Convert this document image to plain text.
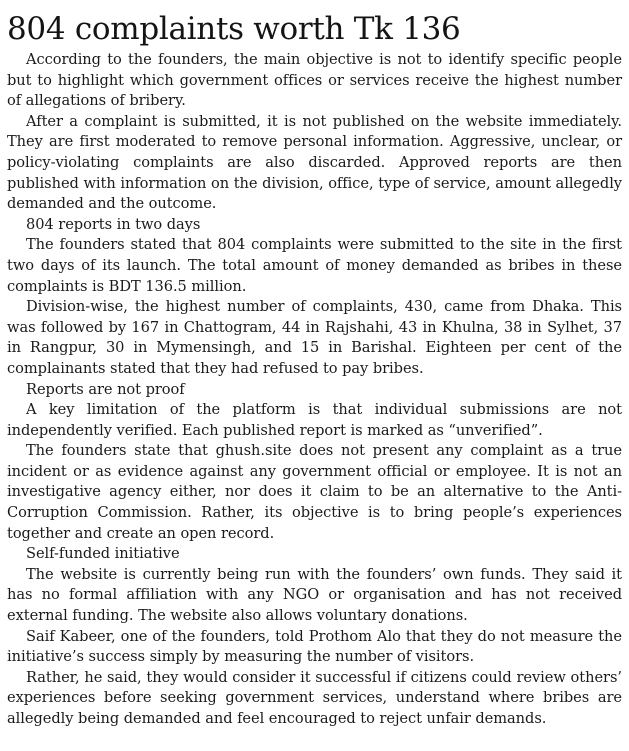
804 complaints worth Tk 136

According to the founders, the main objective is not to identify specific people but to highlight which government offices or services receive the highest number of allegations of bribery.

After a complaint is submitted, it is not published on the website immediately. They are first moderated to remove personal information. Aggressive, unclear, or policy-violating complaints are also discarded. Approved reports are then published with information on the division, office, type of service, amount allegedly demanded and the outcome.

804 reports in two days

The founders stated that 804 complaints were submitted to the site in the first two days of its launch. The total amount of money demanded as bribes in these complaints is BDT 136.5 million.

Division-wise, the highest number of complaints, 430, came from Dhaka. This was followed by 167 in Chattogram, 44 in Rajshahi, 43 in Khulna, 38 in Sylhet, 37 in Rangpur, 30 in Mymensingh, and 15 in Barishal. Eighteen per cent of the complainants stated that they had refused to pay bribes.

Reports are not proof

A key limitation of the platform is that individual submissions are not independently verified. Each published report is marked as “unverified”.

The founders state that ghush.site does not present any complaint as a true incident or as evidence against any government official or employee. It is not an investigative agency either, nor does it claim to be an alternative to the Anti-Corruption Commission. Rather, its objective is to bring people’s experiences together and create an open record.

Self-funded initiative

The website is currently being run with the founders’ own funds. They said it has no formal affiliation with any NGO or organisation and has not received external funding. The website also allows voluntary donations.

Saif Kabeer, one of the founders, told Prothom Alo that they do not measure the initiative’s success simply by measuring the number of visitors.

Rather, he said, they would consider it successful if citizens could review others’ experiences before seeking government services, understand where bribes are allegedly being demanded and feel encouraged to reject unfair demands.
